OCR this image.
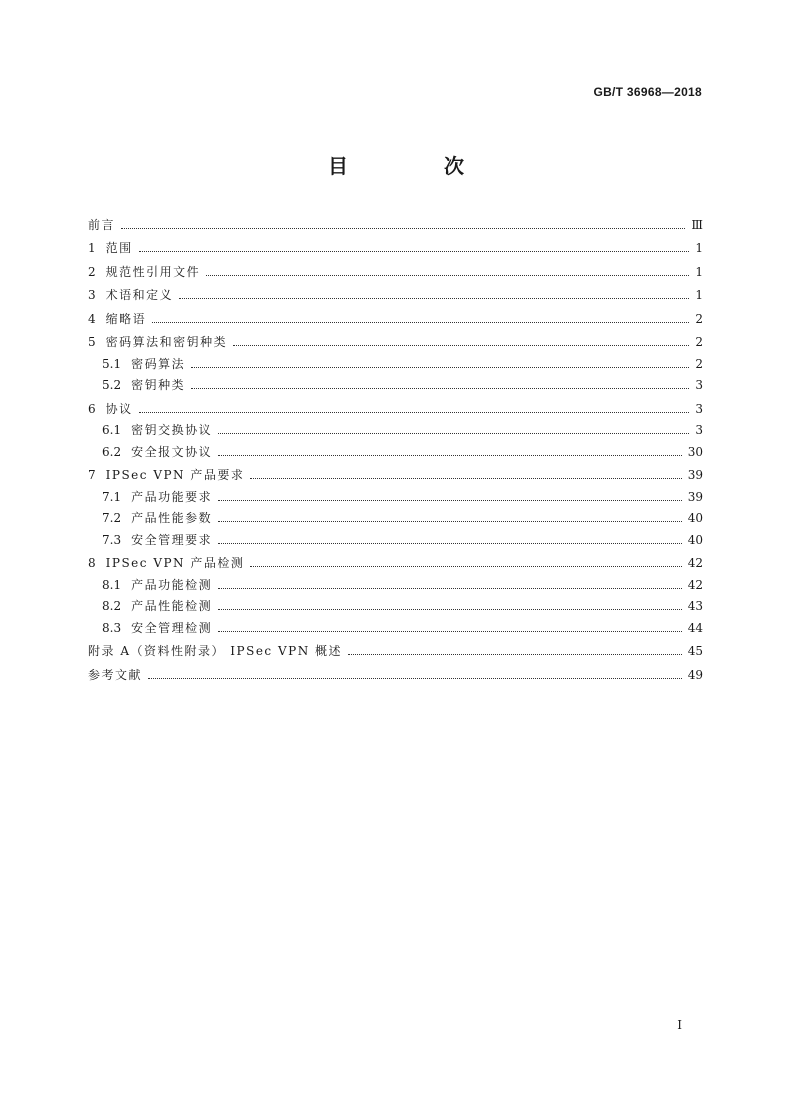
GB/T 36968—2018
目　次
前言	Ⅲ
1 范围	1
2 规范性引用文件	1
3 术语和定义	1
4 缩略语	2
5 密码算法和密钥种类	2
5.1 密码算法	2
5.2 密钥种类	3
6 协议	3
6.1 密钥交换协议	3
6.2 安全报文协议	30
7 IPSec VPN 产品要求	39
7.1 产品功能要求	39
7.2 产品性能参数	40
7.3 安全管理要求	40
8 IPSec VPN 产品检测	42
8.1 产品功能检测	42
8.2 产品性能检测	43
8.3 安全管理检测	44
附录 A（资料性附录） IPSec VPN 概述	45
参考文献	49
I
